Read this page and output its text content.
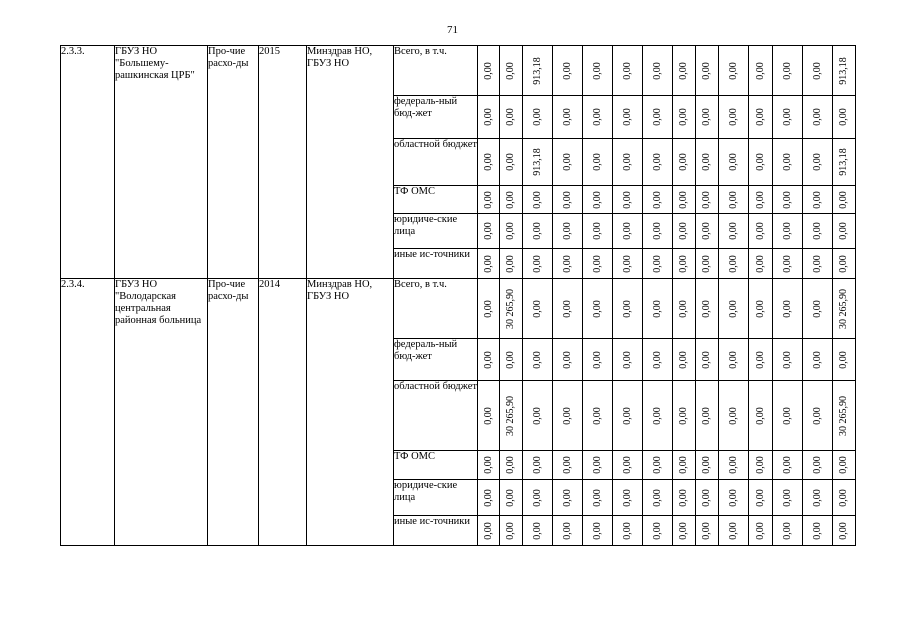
71
2.3.3.	ГБУЗ НО "Большему-рашкинская ЦРБ"	Про-чие расхо-ды	2015	Минздрав НО, ГБУЗ НО	Всего, в т.ч.	0,00	0,00	913,18	0,00	0,00	0,00	0,00	0,00	0,00	0,00	0,00	0,00	0,00	913,18

					федераль-ный бюд-жет	0,00	0,00	0,00	0,00	0,00	0,00	0,00	0,00	0,00	0,00	0,00	0,00	0,00	0,00

					областной бюджет	0,00	0,00	913,18	0,00	0,00	0,00	0,00	0,00	0,00	0,00	0,00	0,00	0,00	913,18

					ТФ ОМС	0,00	0,00	0,00	0,00	0,00	0,00	0,00	0,00	0,00	0,00	0,00	0,00	0,00	0,00

					юридиче-ские лица	0,00	0,00	0,00	0,00	0,00	0,00	0,00	0,00	0,00	0,00	0,00	0,00	0,00	0,00

					иные ис-точники	0,00	0,00	0,00	0,00	0,00	0,00	0,00	0,00	0,00	0,00	0,00	0,00	0,00	0,00

2.3.4.	ГБУЗ НО "Володарская центральная районная больница	Про-чие расхо-ды	2014	Минздрав НО, ГБУЗ НО	Всего, в т.ч.	0,00	30 265,90	0,00	0,00	0,00	0,00	0,00	0,00	0,00	0,00	0,00	0,00	0,00	30 265,90

					федераль-ный бюд-жет	0,00	0,00	0,00	0,00	0,00	0,00	0,00	0,00	0,00	0,00	0,00	0,00	0,00	0,00

					областной бюджет	0,00	30 265,90	0,00	0,00	0,00	0,00	0,00	0,00	0,00	0,00	0,00	0,00	0,00	30 265,90

					ТФ ОМС	0,00	0,00	0,00	0,00	0,00	0,00	0,00	0,00	0,00	0,00	0,00	0,00	0,00	0,00

					юридиче-ские лица	0,00	0,00	0,00	0,00	0,00	0,00	0,00	0,00	0,00	0,00	0,00	0,00	0,00	0,00

					иные ис-точники	0,00	0,00	0,00	0,00	0,00	0,00	0,00	0,00	0,00	0,00	0,00	0,00	0,00	0,00
